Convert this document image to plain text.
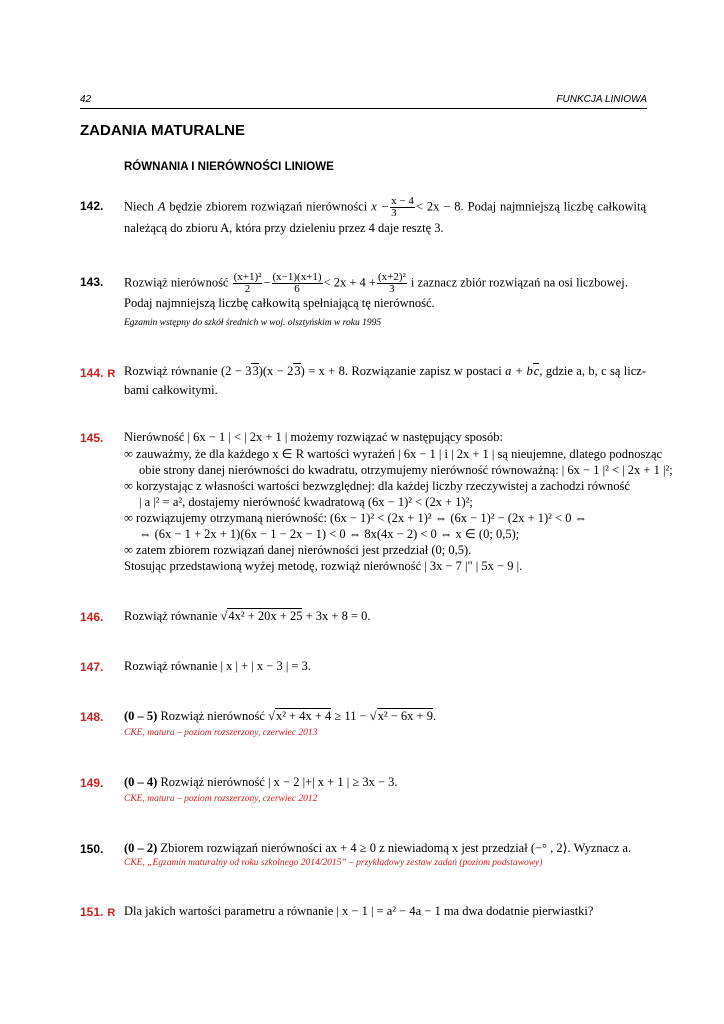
42	FUNKCJA LINIOWA
ZADANIA MATURALNE
RÓWNANIA I NIERÓWNOŚCI LINIOWE
142. Niech A będzie zbiorem rozwiązań nierówności $x - \frac{x - 4}{3} < 2x - 8$. Podaj najmniejszą liczbę całkowitą
należącą do zbioru A, która przy dzieleniu przez 4 daje resztę 3.
143. Rozwiąż nierówność $\frac{\text{(x+1)²}}{2} - \frac{(x-1)(x+1)}{6} < 2x + 4 + \frac{\text{(x+2)²}}{3}$ i zaznacz zbiór rozwiązań na osi liczbowej.
Podaj najmniejszą liczbę całkowitą spełniającą tę nierówność.
Egzamin wstępny do szkół średnich w woj. olsztyńskim w roku 1995
144. R Rozwiąż równanie (2 − 33)(x − 23) = x + 8. Rozwiązanie zapisz w postaci a + bc, gdzie a, b, c są licz-
bami całkowitymi.
145. Nierówność | 6x − 1 | < | 2x + 1 | możemy rozwiązać w następujący sposób:
∞ zauważmy, że dla każdego x ∈ R wartości wyrażeń | 6x − 1 | i | 2x + 1 | są nieujemne, dlatego podnosząc
obie strony danej nierówności do kwadratu, otrzymujemy nierówność równoważną: | 6x − 1 |² < | 2x + 1 |²;
∞ korzystając z własności wartości bezwzględnej: dla każdej liczby rzeczywistej a zachodzi równość
| a |² = a², dostajemy nierówność kwadratową (6x − 1)² < (2x + 1)²;
∞ rozwiązujemy otrzymaną nierówność: (6x − 1)² < (2x + 1)² ⇔ (6x − 1)² − (2x + 1)² < 0 ⇔
⇔ (6x − 1 + 2x + 1)(6x − 1 − 2x − 1) < 0 ⇔ 8x(4x − 2) < 0 ⇔ x ∈ (0; 0,5);
∞ zatem zbiorem rozwiązań danej nierówności jest przedział (0; 0,5).
Stosując przedstawioną wyżej metodę, rozwiąż nierówność | 3x − 7 |" | 5x − 9 |.
146. Rozwiąż równanie √4x² + 20x + 25 + 3x + 8 = 0.
147. Rozwiąż równanie | x | + | x − 3 | = 3.
148. (0 – 5) Rozwiąż nierówność √x² + 4x + 4 ≥ 11 − √x² − 6x + 9.
CKE, matura – poziom rozszerzony, czerwiec 2013
149. (0 – 4) Rozwiąż nierówność | x − 2 |+| x + 1 | ≥ 3x − 3.
CKE, matura – poziom rozszerzony, czerwiec 2012
150. (0 – 2) Zbiorem rozwiązań nierówności ax + 4 ≥ 0 z niewiadomą x jest przedział (−° , 2⟩. Wyznacz a.
CKE, „Egzamin maturalny od roku szkolnego 2014/2015” – przykładowy zestaw zadań (poziom podstawowy)
151. R Dla jakich wartości parametru a równanie | x − 1 | = a² − 4a − 1 ma dwa dodatnie pierwiastki?
